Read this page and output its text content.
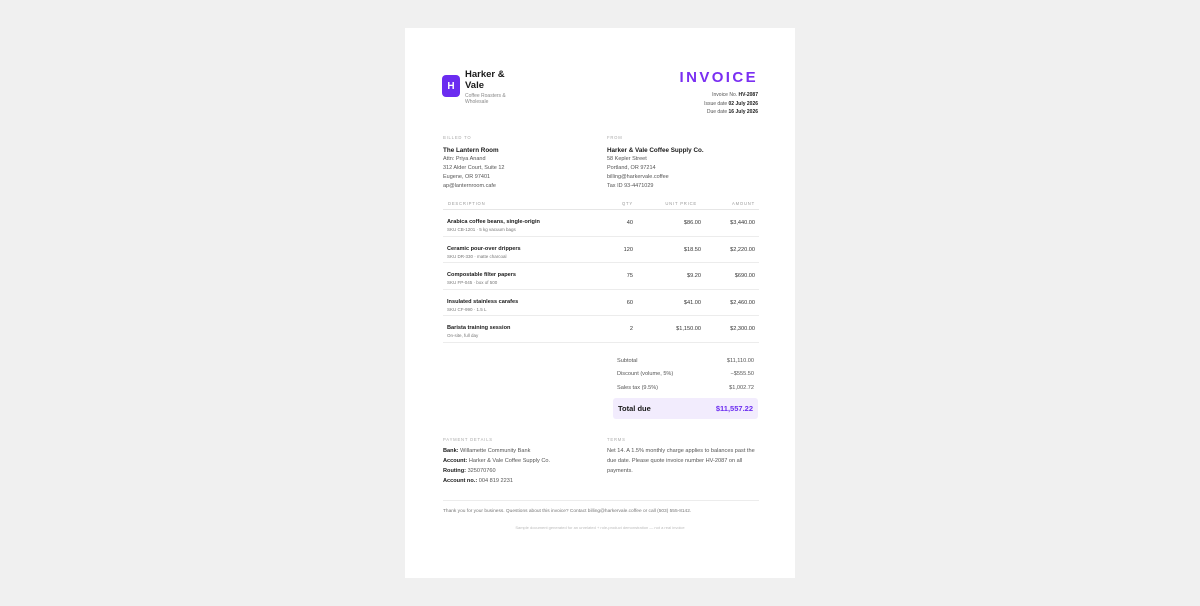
H
Harker &
Vale
Coffee Roasters &
Wholesale
INVOICE
Invoice No. HV-2087
Issue date 02 July 2026
Due date 16 July 2026
BILLED TO
The Lantern Room
Attn: Priya Anand
312 Alder Court, Suite 12
Eugene, OR 97401
ap@lanternroom.cafe
FROM
Harker & Vale Coffee Supply Co.
58 Kepler Street
Portland, OR 97214
billing@harkervale.coffee
Tax ID 93-4471029
DESCRIPTION	QTY	UNIT PRICE	AMOUNT
Arabica coffee beans, single-origin
SKU CB-1201 · 5 kg vacuum bags
40	$86.00	$3,440.00
Ceramic pour-over drippers
SKU DR-330 · matte charcoal
120	$18.50	$2,220.00
Compostable filter papers
SKU FP-045 · box of 500
75	$9.20	$690.00
Insulated stainless carafes
SKU CF-990 · 1.5 L
60	$41.00	$2,460.00
Barista training session
On-site, full day
2	$1,150.00	$2,300.00
Subtotal	$11,110.00
Discount (volume, 5%)	−$555.50
Sales tax (9.5%)	$1,002.72
Total due	$11,557.22
PAYMENT DETAILS
Bank: Willamette Community Bank
Account: Harker & Vale Coffee Supply Co.
Routing: 325070760
Account no.: 004 819 2231
TERMS
Net 14. A 1.5% monthly charge applies to balances past the due date. Please quote invoice number HV-2087 on all payments.
Thank you for your business. Questions about this invoice? Contact billing@harkervale.coffee or call (503) 555-8142.
Sample document generated for an unrelated + role-product demonstration — not a real invoice
